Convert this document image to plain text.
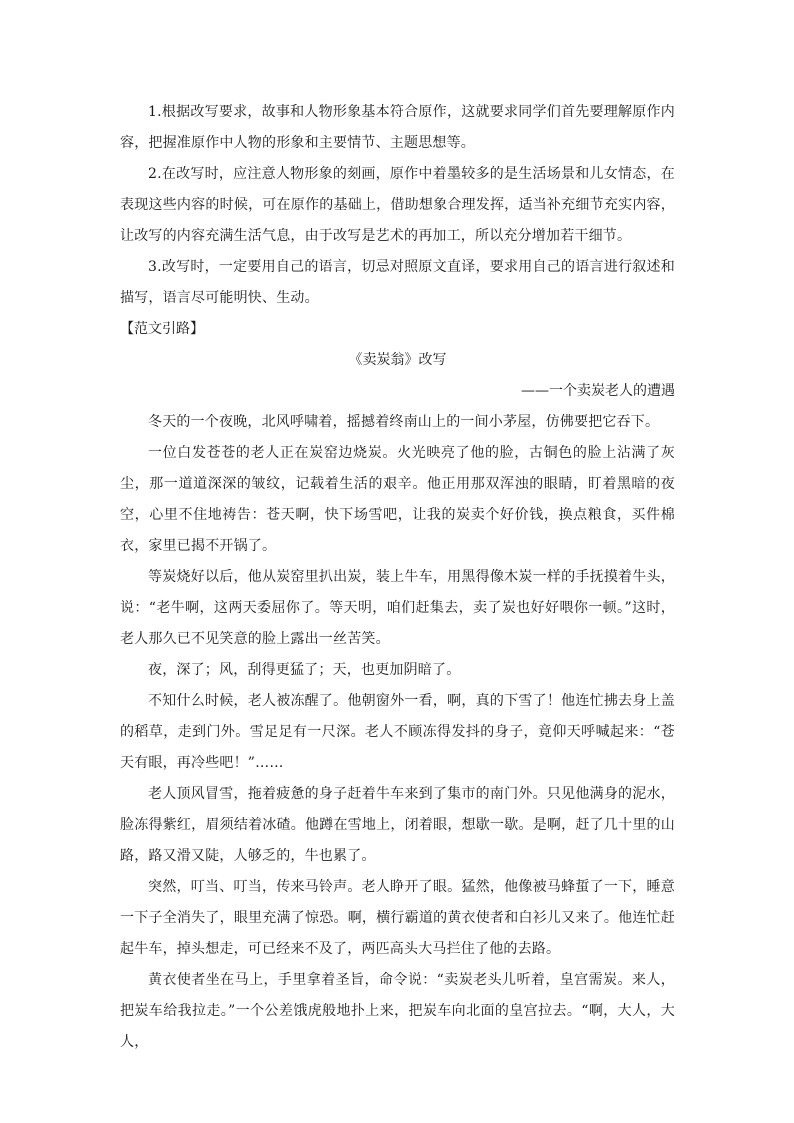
1.根据改写要求，故事和人物形象基本符合原作，这就要求同学们首先要理解原作内容，把握准原作中人物的形象和主要情节、主题思想等。

2.在改写时，应注意人物形象的刻画，原作中着墨较多的是生活场景和儿女情态，在表现这些内容的时候，可在原作的基础上，借助想象合理发挥，适当补充细节充实内容，让改写的内容充满生活气息，由于改写是艺术的再加工，所以充分增加若干细节。

3.改写时，一定要用自己的语言，切忌对照原文直译，要求用自己的语言进行叙述和描写，语言尽可能明快、生动。

【范文引路】

《卖炭翁》改写

——一个卖炭老人的遭遇

冬天的一个夜晚，北风呼啸着，摇撼着终南山上的一间小茅屋，仿佛要把它吞下。

一位白发苍苍的老人正在炭窑边烧炭。火光映亮了他的脸，古铜色的脸上沾满了灰尘，那一道道深深的皱纹，记载着生活的艰辛。他正用那双浑浊的眼睛，盯着黑暗的夜空，心里不住地祷告：苍天啊，快下场雪吧，让我的炭卖个好价钱，换点粮食，买件棉衣，家里已揭不开锅了。

等炭烧好以后，他从炭窑里扒出炭，装上牛车，用黑得像木炭一样的手抚摸着牛头，说：“老牛啊，这两天委屈你了。等天明，咱们赶集去，卖了炭也好好喂你一顿。”这时，老人那久已不见笑意的脸上露出一丝苦笑。

夜，深了；风，刮得更猛了；天，也更加阴暗了。

不知什么时候，老人被冻醒了。他朝窗外一看，啊，真的下雪了！他连忙拂去身上盖的稻草，走到门外。雪足足有一尺深。老人不顾冻得发抖的身子，竟仰天呼喊起来：“苍天有眼，再冷些吧！”……

老人顶风冒雪，拖着疲惫的身子赶着牛车来到了集市的南门外。只见他满身的泥水，脸冻得紫红，眉须结着冰碴。他蹲在雪地上，闭着眼，想歇一歇。是啊，赶了几十里的山路，路又滑又陡，人够乏的，牛也累了。

突然，叮当、叮当，传来马铃声。老人睁开了眼。猛然，他像被马蜂蜇了一下，睡意一下子全消失了，眼里充满了惊恐。啊，横行霸道的黄衣使者和白衫儿又来了。他连忙赶起牛车，掉头想走，可已经来不及了，两匹高头大马拦住了他的去路。

黄衣使者坐在马上，手里拿着圣旨，命令说：“卖炭老头儿听着，皇宫需炭。来人，把炭车给我拉走。”一个公差饿虎般地扑上来，把炭车向北面的皇宫拉去。“啊，大人，大人，
